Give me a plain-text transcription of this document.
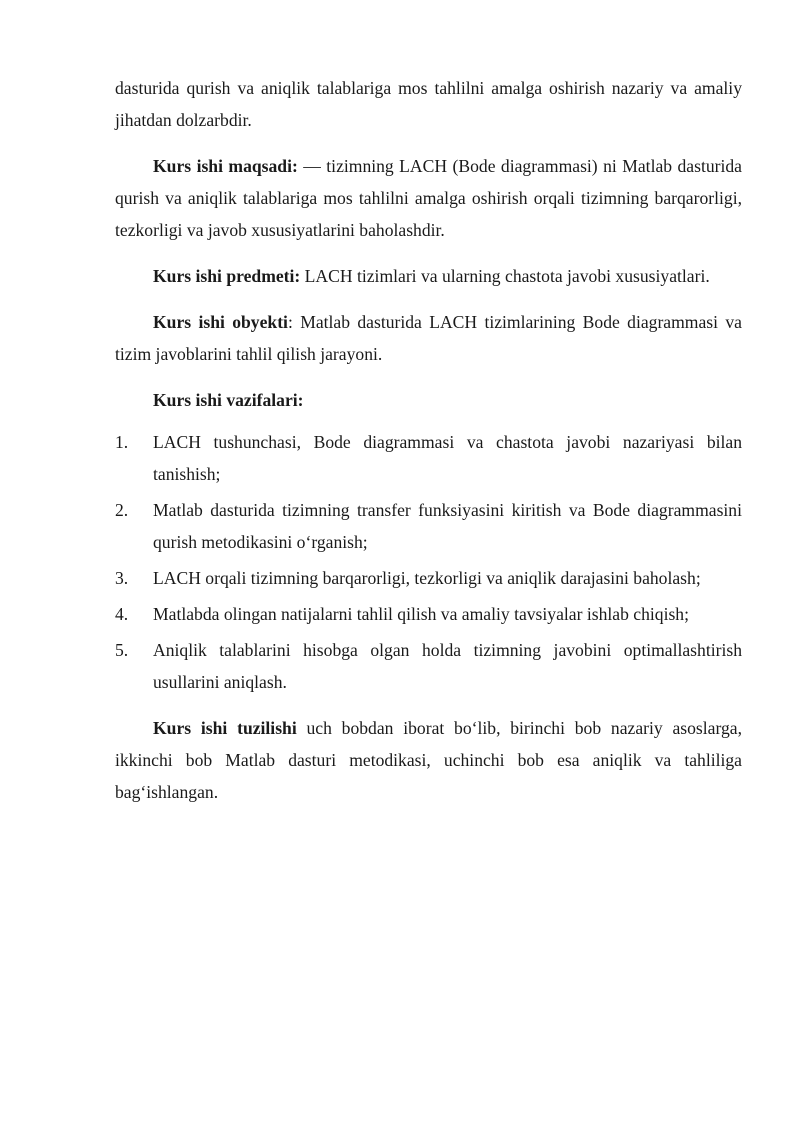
dasturida qurish va aniqlik talablariga mos tahlilni amalga oshirish nazariy va amaliy jihatdan dolzarbdir.

Kurs ishi maqsadi: — tizimning LACH (Bode diagrammasi) ni Matlab dasturida qurish va aniqlik talablariga mos tahlilni amalga oshirish orqali tizimning barqarorligi, tezkorligi va javob xususiyatlarini baholashdir.

Kurs ishi predmeti: LACH tizimlari va ularning chastota javobi xususiyatlari.

Kurs ishi obyekti: Matlab dasturida LACH tizimlarining Bode diagrammasi va tizim javoblarini tahlil qilish jarayoni.

Kurs ishi vazifalari:

1. LACH tushunchasi, Bode diagrammasi va chastota javobi nazariyasi bilan tanishish;
2. Matlab dasturida tizimning transfer funksiyasini kiritish va Bode diagrammasini qurish metodikasini o‘rganish;
3. LACH orqali tizimning barqarorligi, tezkorligi va aniqlik darajasini baholash;
4. Matlabda olingan natijalarni tahlil qilish va amaliy tavsiyalar ishlab chiqish;
5. Aniqlik talablarini hisobga olgan holda tizimning javobini optimallashtirish usullarini aniqlash.

Kurs ishi tuzilishi uch bobdan iborat bo‘lib, birinchi bob nazariy asoslarga, ikkinchi bob Matlab dasturi metodikasi, uchinchi bob esa aniqlik va tahliliga bag‘ishlangan.
